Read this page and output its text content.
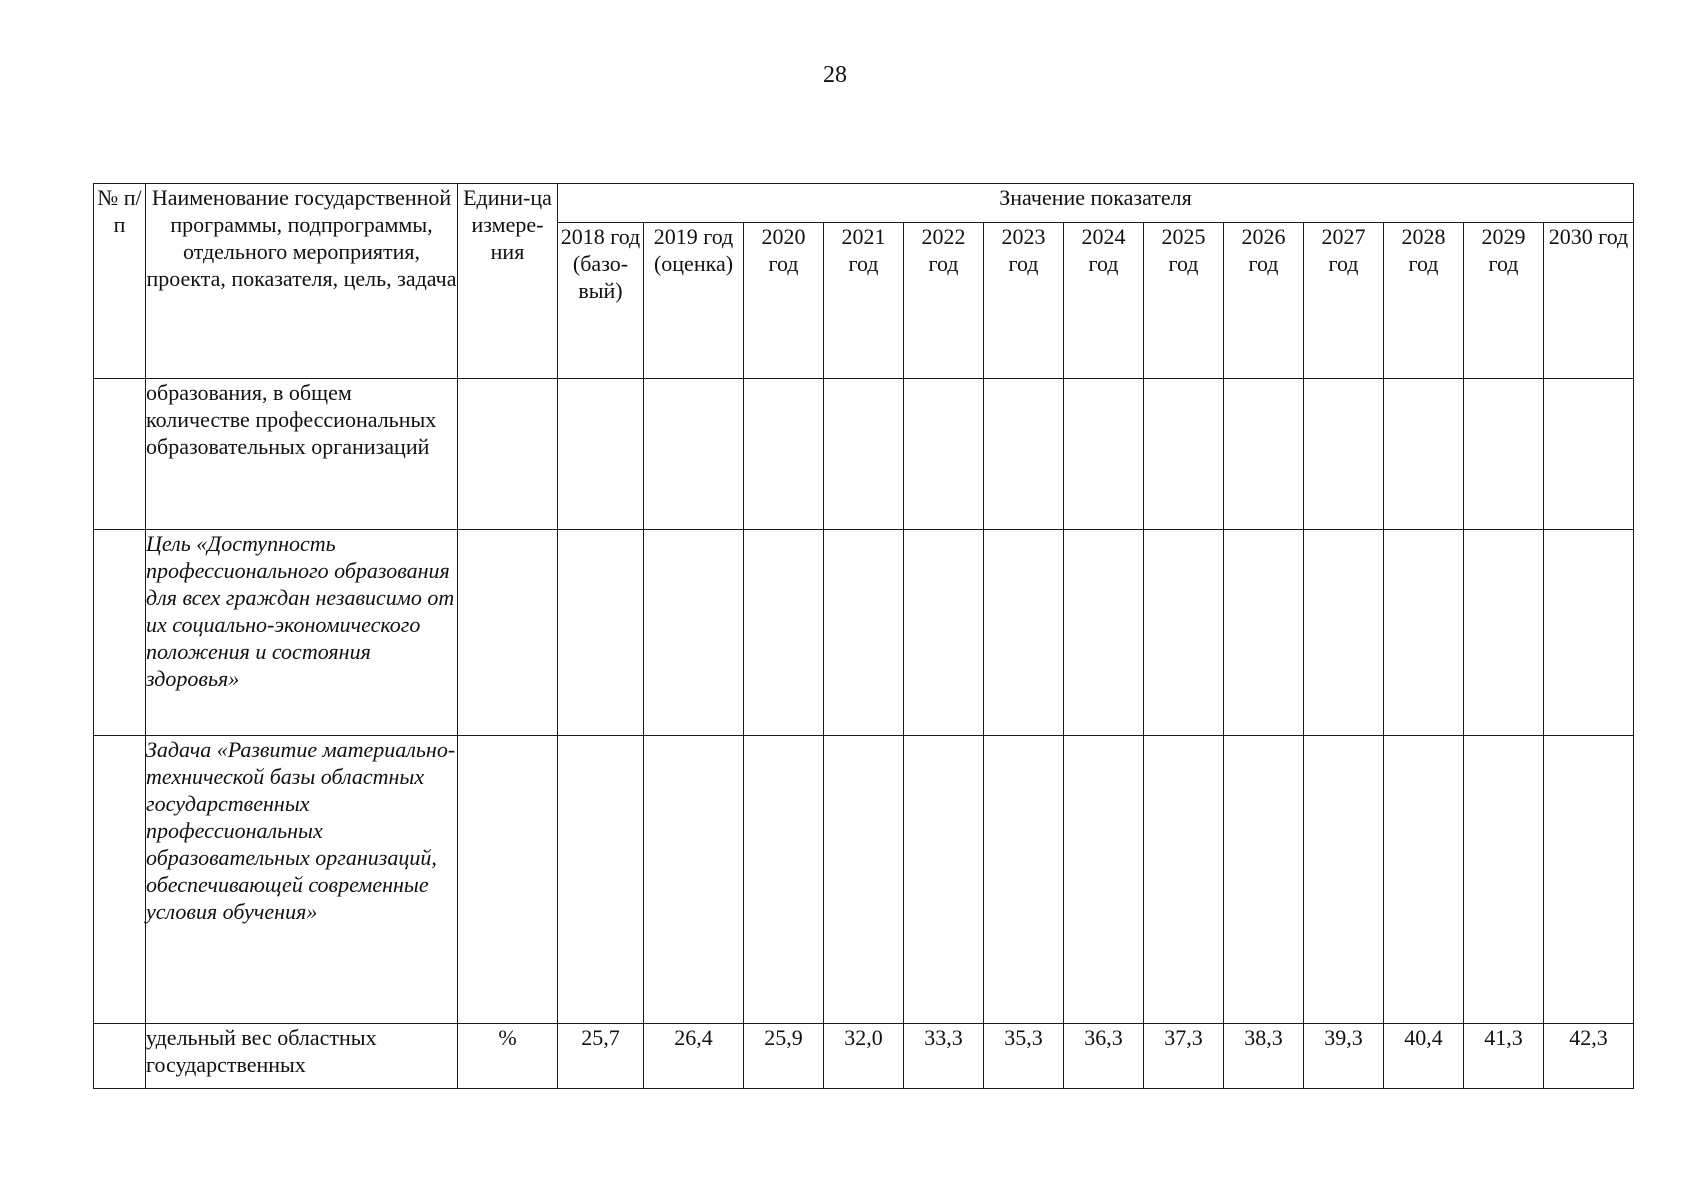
28
№ п/п	Наименование государственной программы, подпрограммы, отдельного мероприятия, проекта, показателя, цель, задача	Едини-ца измере-ния	Значение показателя												
			2018 год (базо-вый)	2019 год (оценка)	2020 год	2021 год	2022 год	2023 год	2024 год	2025 год	2026 год	2027 год	2028 год	2029 год	2030 год
	образования, в общем количестве профессиональных образовательных организаций														
	Цель «Доступность профессионального образования для всех граждан независимо от их социально-экономического положения и состояния здоровья»														
	Задача «Развитие материально-технической базы областных государственных профессиональных образовательных организаций, обеспечивающей современные условия обучения»														
	удельный вес областных государственных	%	25,7	26,4	25,9	32,0	33,3	35,3	36,3	37,3	38,3	39,3	40,4	41,3	42,3
